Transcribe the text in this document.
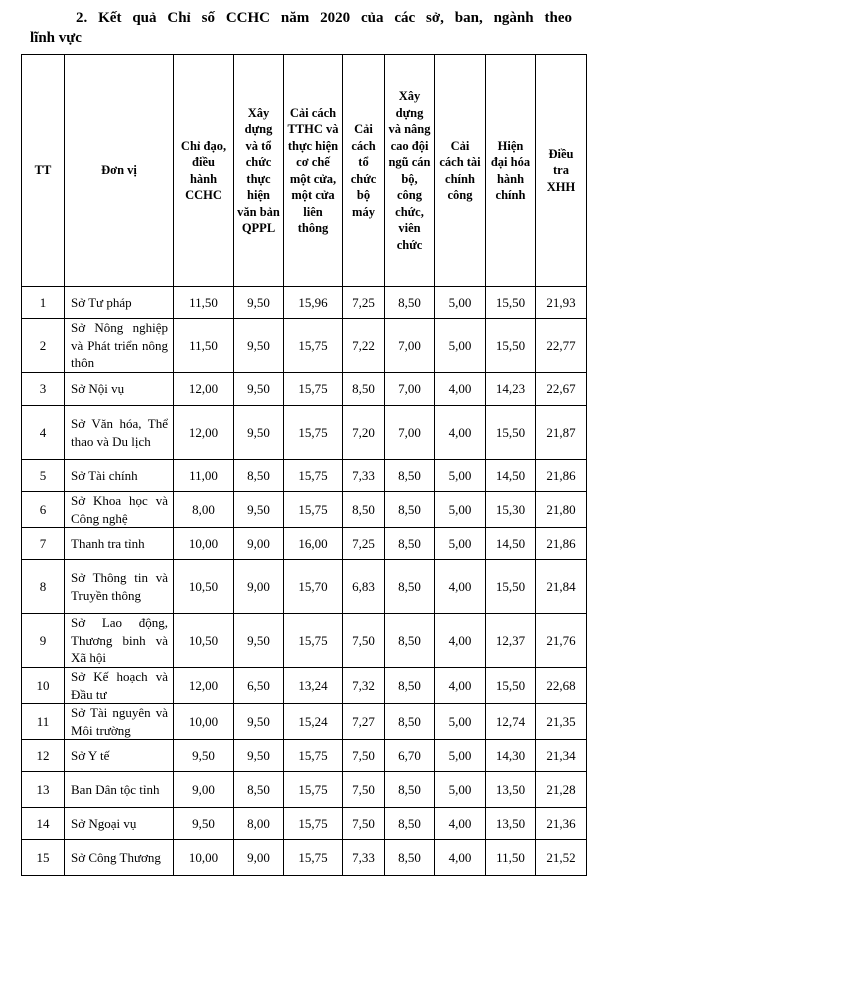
2. Kết quả Chỉ số CCHC năm 2020 của các sở, ban, ngành theo
lĩnh vực
TT	Đơn vị	Chỉ đạo, điều hành CCHC	Xây dựng và tổ chức thực hiện văn bản QPPL	Cải cách TTHC và thực hiện cơ chế một cửa, một cửa liên thông	Cải cách tổ chức bộ máy	Xây dựng và nâng cao đội ngũ cán bộ, công chức, viên chức	Cải cách tài chính công	Hiện đại hóa hành chính	Điều tra XHH
1	Sở Tư pháp	11,50	9,50	15,96	7,25	8,50	5,00	15,50	21,93
2	Sở Nông nghiệp và Phát triển nông thôn	11,50	9,50	15,75	7,22	7,00	5,00	15,50	22,77
3	Sở Nội vụ	12,00	9,50	15,75	8,50	7,00	4,00	14,23	22,67
4	Sở Văn hóa, Thể thao và Du lịch	12,00	9,50	15,75	7,20	7,00	4,00	15,50	21,87
5	Sở Tài chính	11,00	8,50	15,75	7,33	8,50	5,00	14,50	21,86
6	Sở Khoa học và Công nghệ	8,00	9,50	15,75	8,50	8,50	5,00	15,30	21,80
7	Thanh tra tỉnh	10,00	9,00	16,00	7,25	8,50	5,00	14,50	21,86
8	Sở Thông tin và Truyền thông	10,50	9,00	15,70	6,83	8,50	4,00	15,50	21,84
9	Sở Lao động, Thương binh và Xã hội	10,50	9,50	15,75	7,50	8,50	4,00	12,37	21,76
10	Sở Kế hoạch và Đầu tư	12,00	6,50	13,24	7,32	8,50	4,00	15,50	22,68
11	Sở Tài nguyên và Môi trường	10,00	9,50	15,24	7,27	8,50	5,00	12,74	21,35
12	Sở Y tế	9,50	9,50	15,75	7,50	6,70	5,00	14,30	21,34
13	Ban Dân tộc tỉnh	9,00	8,50	15,75	7,50	8,50	5,00	13,50	21,28
14	Sở Ngoại vụ	9,50	8,00	15,75	7,50	8,50	4,00	13,50	21,36
15	Sở Công Thương	10,00	9,00	15,75	7,33	8,50	4,00	11,50	21,52
